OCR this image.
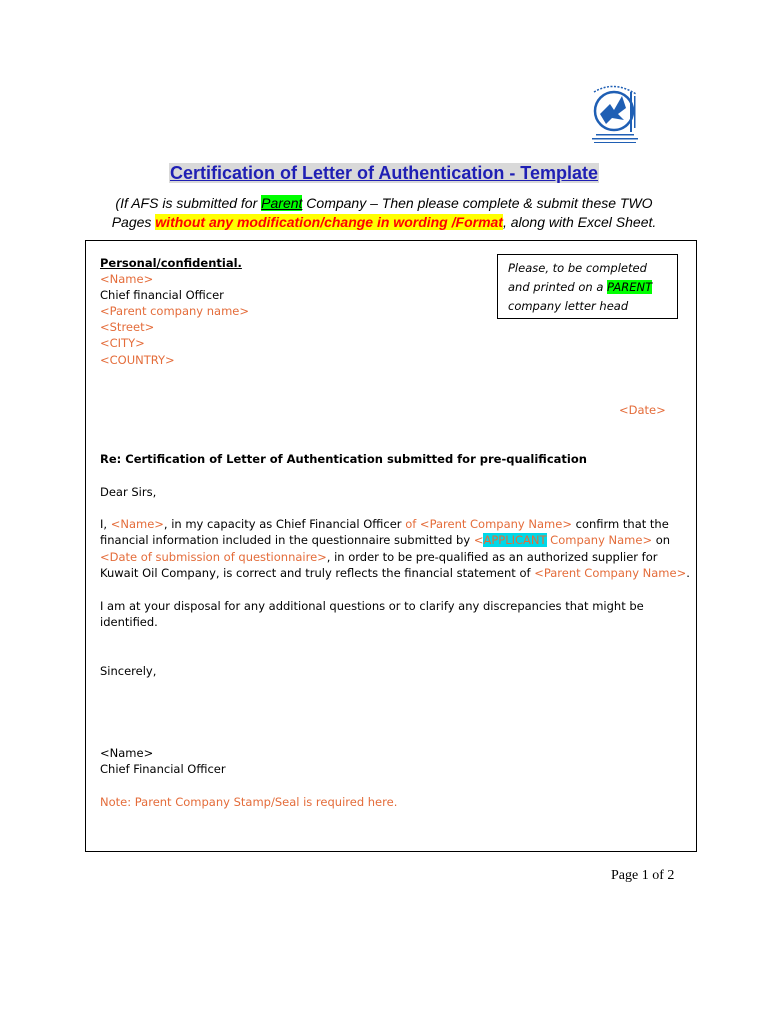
Certification of Letter of Authentication - Template
(If AFS is submitted for Parent Company – Then please complete & submit these TWO
Pages without any modification/change in wording /Format, along with Excel Sheet.
Please, to be completed
and printed on a PARENT
company letter head
Personal/confidential.
<Name>
Chief financial Officer
<Parent company name>
<Street>
<CITY>
<COUNTRY>
<Date>
Re: Certification of Letter of Authentication submitted for pre-qualification
Dear Sirs,
I, <Name>, in my capacity as Chief Financial Officer of <Parent Company Name> confirm that the
financial information included in the questionnaire submitted by <APPLICANT Company Name> on
<Date of submission of questionnaire>, in order to be pre-qualified as an authorized supplier for
Kuwait Oil Company, is correct and truly reflects the financial statement of <Parent Company Name>.
I am at your disposal for any additional questions or to clarify any discrepancies that might be
identified.
Sincerely,
<Name>
Chief Financial Officer
Note: Parent Company Stamp/Seal is required here.
Page 1 of 2
